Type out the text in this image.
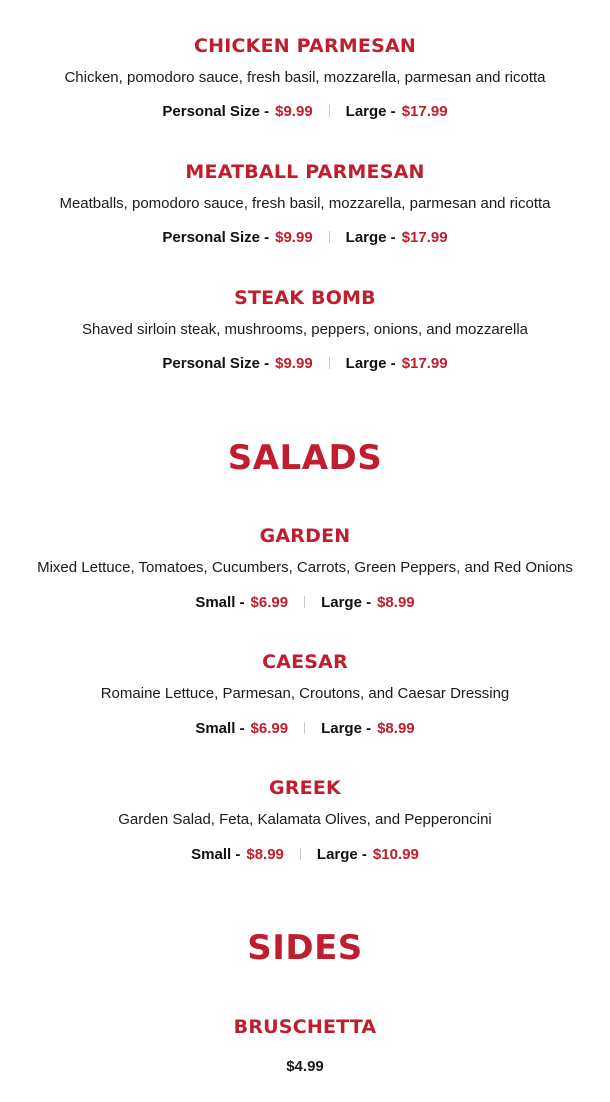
CHICKEN PARMESAN
Chicken, pomodoro sauce, fresh basil, mozzarella, parmesan and ricotta
Personal Size - $9.99 Large - $17.99
MEATBALL PARMESAN
Meatballs, pomodoro sauce, fresh basil, mozzarella, parmesan and ricotta
Personal Size - $9.99 Large - $17.99
STEAK BOMB
Shaved sirloin steak, mushrooms, peppers, onions, and mozzarella
Personal Size - $9.99 Large - $17.99
SALADS
GARDEN
Mixed Lettuce, Tomatoes, Cucumbers, Carrots, Green Peppers, and Red Onions
Small - $6.99 Large - $8.99
CAESAR
Romaine Lettuce, Parmesan, Croutons, and Caesar Dressing
Small - $6.99 Large - $8.99
GREEK
Garden Salad, Feta, Kalamata Olives, and Pepperoncini
Small - $8.99 Large - $10.99
SIDES
BRUSCHETTA
$4.99
